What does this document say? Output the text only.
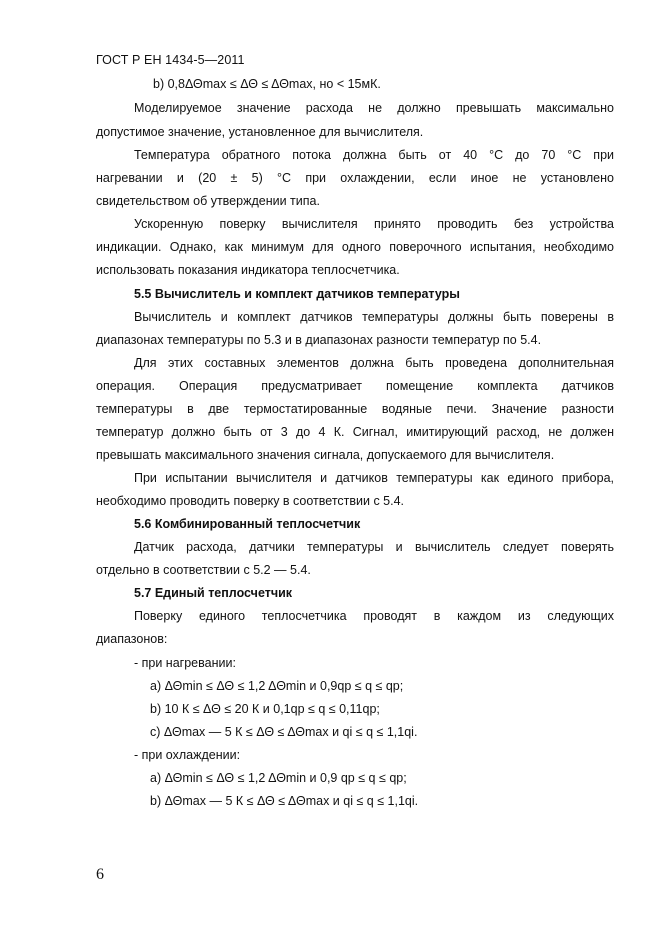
ГОСТ Р ЕН 1434-5—2011
b) 0,8ΔΘmax ≤ ΔΘ ≤ ΔΘmax, но < 15мК.
Моделируемое значение расхода не должно превышать максимально
допустимое значение, установленное для вычислителя.
Температура обратного потока должна быть от 40 °С до 70 °С при
нагревании и (20 ± 5) °С при охлаждении, если иное не установлено
свидетельством об утверждении типа.
Ускоренную поверку вычислителя принято проводить без устройства
индикации. Однако, как минимум для одного поверочного испытания, необходимо
использовать показания индикатора теплосчетчика.
5.5 Вычислитель и комплект датчиков температуры
Вычислитель и комплект датчиков температуры должны быть поверены в
диапазонах температуры по 5.3 и в диапазонах разности температур по 5.4.
Для этих составных элементов должна быть проведена дополнительная
операция. Операция предусматривает помещение комплекта датчиков
температуры в две термостатированные водяные печи. Значение разности
температур должно быть от 3 до 4 К. Сигнал, имитирующий расход, не должен
превышать максимального значения сигнала, допускаемого для вычислителя.
При испытании вычислителя и датчиков температуры как единого прибора,
необходимо проводить поверку в соответствии с 5.4.
5.6 Комбинированный теплосчетчик
Датчик расхода, датчики температуры и вычислитель следует поверять
отдельно в соответствии с 5.2 — 5.4.
5.7 Единый теплосчетчик
Поверку единого теплосчетчика проводят в каждом из следующих
диапазонов:
- при нагревании:
a) ΔΘmin ≤ ΔΘ ≤ 1,2 ΔΘmin и 0,9qp ≤ q ≤ qp;
b) 10 К ≤ ΔΘ ≤ 20 К и 0,1qp ≤ q ≤ 0,11qp;
c) ΔΘmax — 5 К ≤ ΔΘ ≤ ΔΘmax и qi ≤ q ≤ 1,1qi.
- при охлаждении:
a) ΔΘmin ≤ ΔΘ ≤ 1,2 ΔΘmin и 0,9 qp ≤ q ≤ qp;
b) ΔΘmax — 5 К ≤ ΔΘ ≤ ΔΘmax и qi ≤ q ≤ 1,1qi.
6
